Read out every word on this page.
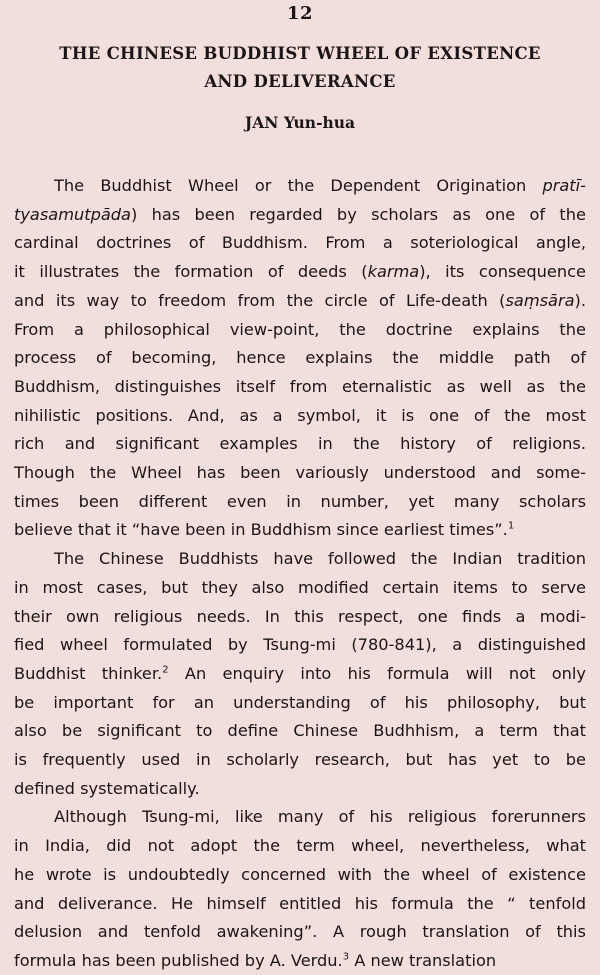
12
THE CHINESE BUDDHIST WHEEL OF EXISTENCE
AND DELIVERANCE
JAN Yun-hua
The Buddhist Wheel or the Dependent Origination pratī-
tyasamutpāda) has been regarded by scholars as one of the
cardinal doctrines of Buddhism. From a soteriological angle,
it illustrates the formation of deeds (karma), its consequence
and its way to freedom from the circle of Life-death (saṃsāra).
From a philosophical view-point, the doctrine explains the
process of becoming, hence explains the middle path of
Buddhism, distinguishes itself from eternalistic as well as the
nihilistic positions. And, as a symbol, it is one of the most
rich and significant examples in the history of religions.
Though the Wheel has been variously understood and some-
times been different even in number, yet many scholars
believe that it “have been in Buddhism since earliest times”.$^1$
The Chinese Buddhists have followed the Indian tradition
in most cases, but they also modified certain items to serve
their own religious needs. In this respect, one finds a modi-
fied wheel formulated by Tsung-mi (780-841), a distinguished
Buddhist thinker.$^2$ An enquiry into his formula will not only
be important for an understanding of his philosophy, but
also be significant to define Chinese Budhhism, a term that
is frequently used in scholarly research, but has yet to be
defined systematically.
Although Tsung-mi, like many of his religious forerunners
in India, did not adopt the term wheel, nevertheless, what
he wrote is undoubtedly concerned with the wheel of existence
and deliverance. He himself entitled his formula the “ tenfold
delusion and tenfold awakening”. A rough translation of this
formula has been published by A. Verdu.$^3$ A new translation
